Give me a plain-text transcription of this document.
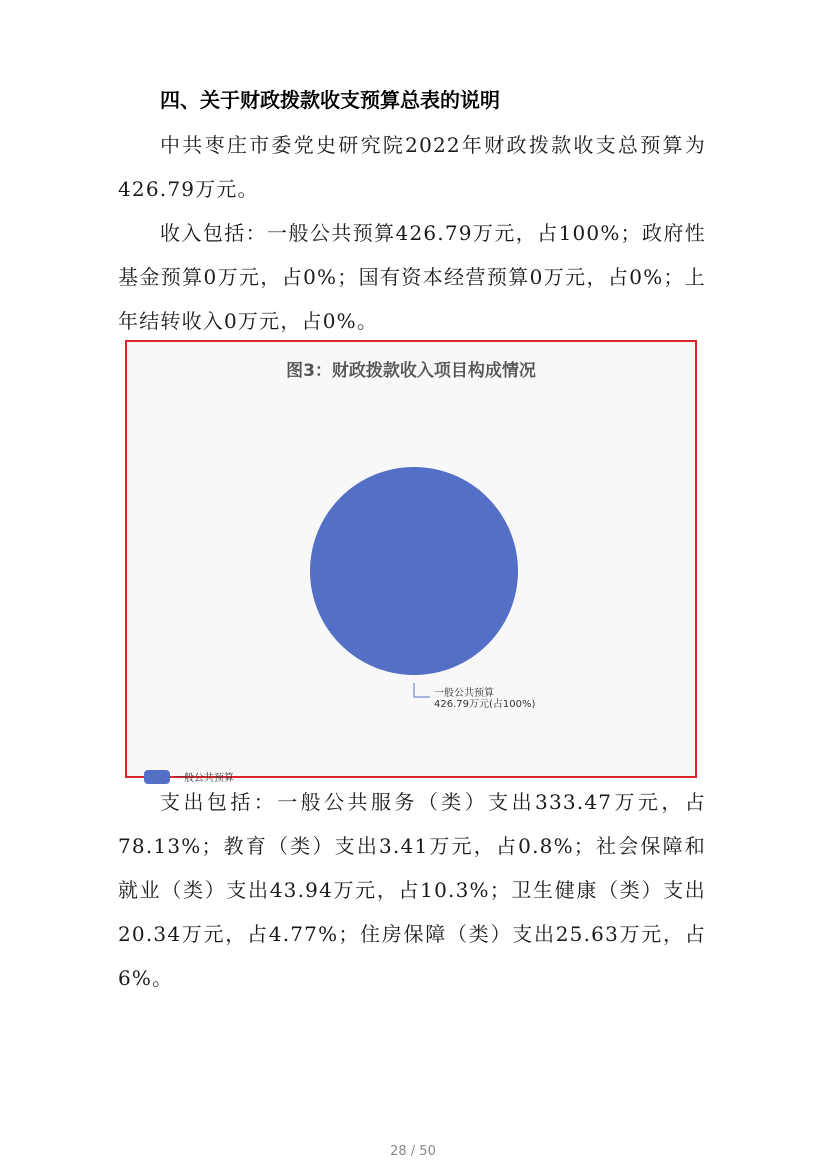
四、关于财政拨款收支预算总表的说明

中共枣庄市委党史研究院2022年财政拨款收支总预算为426.79万元。

收入包括：一般公共预算426.79万元，占100%；政府性基金预算0万元，占0%；国有资本经营预算0万元，占0%；上年结转收入0万元，占0%。

图3：财政拨款收入项目构成情况
一般公共预算
426.79万元(占100%)
一般公共预算

支出包括：一般公共服务（类）支出333.47万元，占78.13%；教育（类）支出3.41万元，占0.8%；社会保障和就业（类）支出43.94万元，占10.3%；卫生健康（类）支出20.34万元，占4.77%；住房保障（类）支出25.63万元，占6%。

28 / 50
